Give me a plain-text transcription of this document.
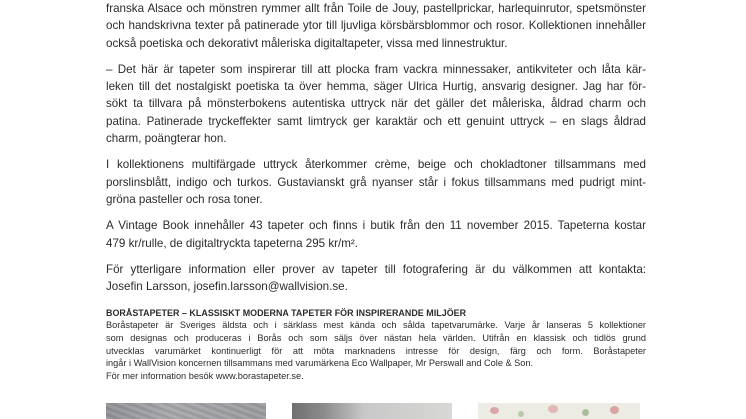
franska Alsace och mönstren rymmer allt från Toile de Jouy, pastellprickar, harlequinrutor, spetsmönster
och handskrivna texter på patinerade ytor till ljuvliga körsbärsblommor och rosor. Kollektionen innehåller
också poetiska och dekorativt måleriska digitaltapeter, vissa med linnestruktur.
– Det här är tapeter som inspirerar till att plocka fram vackra minnessaker, antikviteter och låta kär-
leken till det nostalgiskt poetiska ta över hemma, säger Ulrica Hurtig, ansvarig designer. Jag har för-
sökt ta tillvara på mönsterbokens autentiska uttryck när det gäller det måleriska, åldrad charm och
patina. Patinerade tryckeffekter samt limtryck ger karaktär och ett genuint uttryck – en slags åldrad
charm, poängterar hon.
I kollektionens multifärgade uttryck återkommer crème, beige och chokladtoner tillsammans med
porslinsblått, indigo och turkos. Gustavianskt grå nyanser står i fokus tillsammans med pudrigt mint-
gröna pasteller och rosa toner.
A Vintage Book innehåller 43 tapeter och finns i butik från den 11 november 2015. Tapeterna kostar
479 kr/rulle, de digitaltryckta tapeterna 295 kr/m².
För ytterligare information eller prover av tapeter till fotografering är du välkommen att kontakta:
Josefin Larsson, josefin.larsson@wallvision.se.
BORÅSTAPETER – KLASSISKT MODERNA TAPETER FÖR INSPIRERANDE MILJÖER
Boråstapeter är Sveriges äldsta och i särklass mest kända och sålda tapetvarumärke. Varje år lanseras 5 kollektioner
som designas och produceras i Borås och som säljs över nästan hela världen. Utifrån en klassisk och tidlös grund
utvecklas varumärket kontinuerligt för att möta marknadens intresse för design, färg och form. Boråstapeter
ingår i WallVision koncernen tillsammans med varumärkena Eco Wallpaper, Mr Perswall and Cole & Son.
För mer information besök www.borastapeter.se.
